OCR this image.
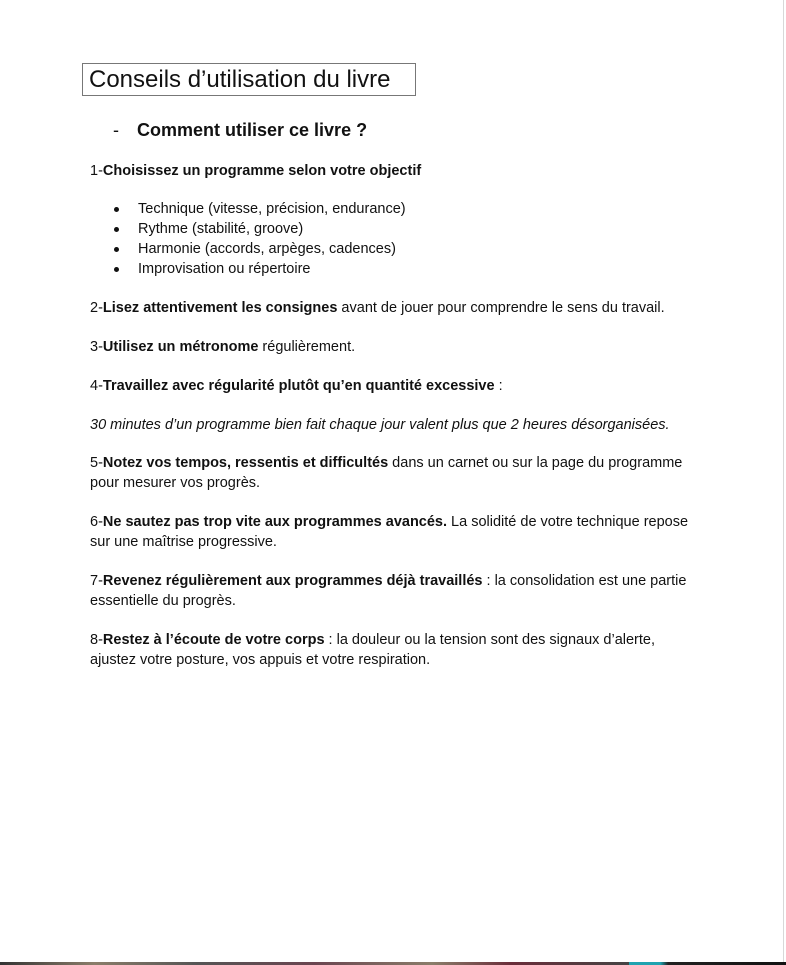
Conseils d’utilisation du livre
- Comment utiliser ce livre ?
1-Choisissez un programme selon votre objectif
Technique (vitesse, précision, endurance)
Rythme (stabilité, groove)
Harmonie (accords, arpèges, cadences)
Improvisation ou répertoire
2-Lisez attentivement les consignes avant de jouer pour comprendre le sens du travail.
3-Utilisez un métronome régulièrement.
4-Travaillez avec régularité plutôt qu’en quantité excessive :
30 minutes d’un programme bien fait chaque jour valent plus que 2 heures désorganisées.
5-Notez vos tempos, ressentis et difficultés dans un carnet ou sur la page du programme pour mesurer vos progrès.
6-Ne sautez pas trop vite aux programmes avancés. La solidité de votre technique repose sur une maîtrise progressive.
7-Revenez régulièrement aux programmes déjà travaillés : la consolidation est une partie essentielle du progrès.
8-Restez à l’écoute de votre corps : la douleur ou la tension sont des signaux d’alerte, ajustez votre posture, vos appuis et votre respiration.
